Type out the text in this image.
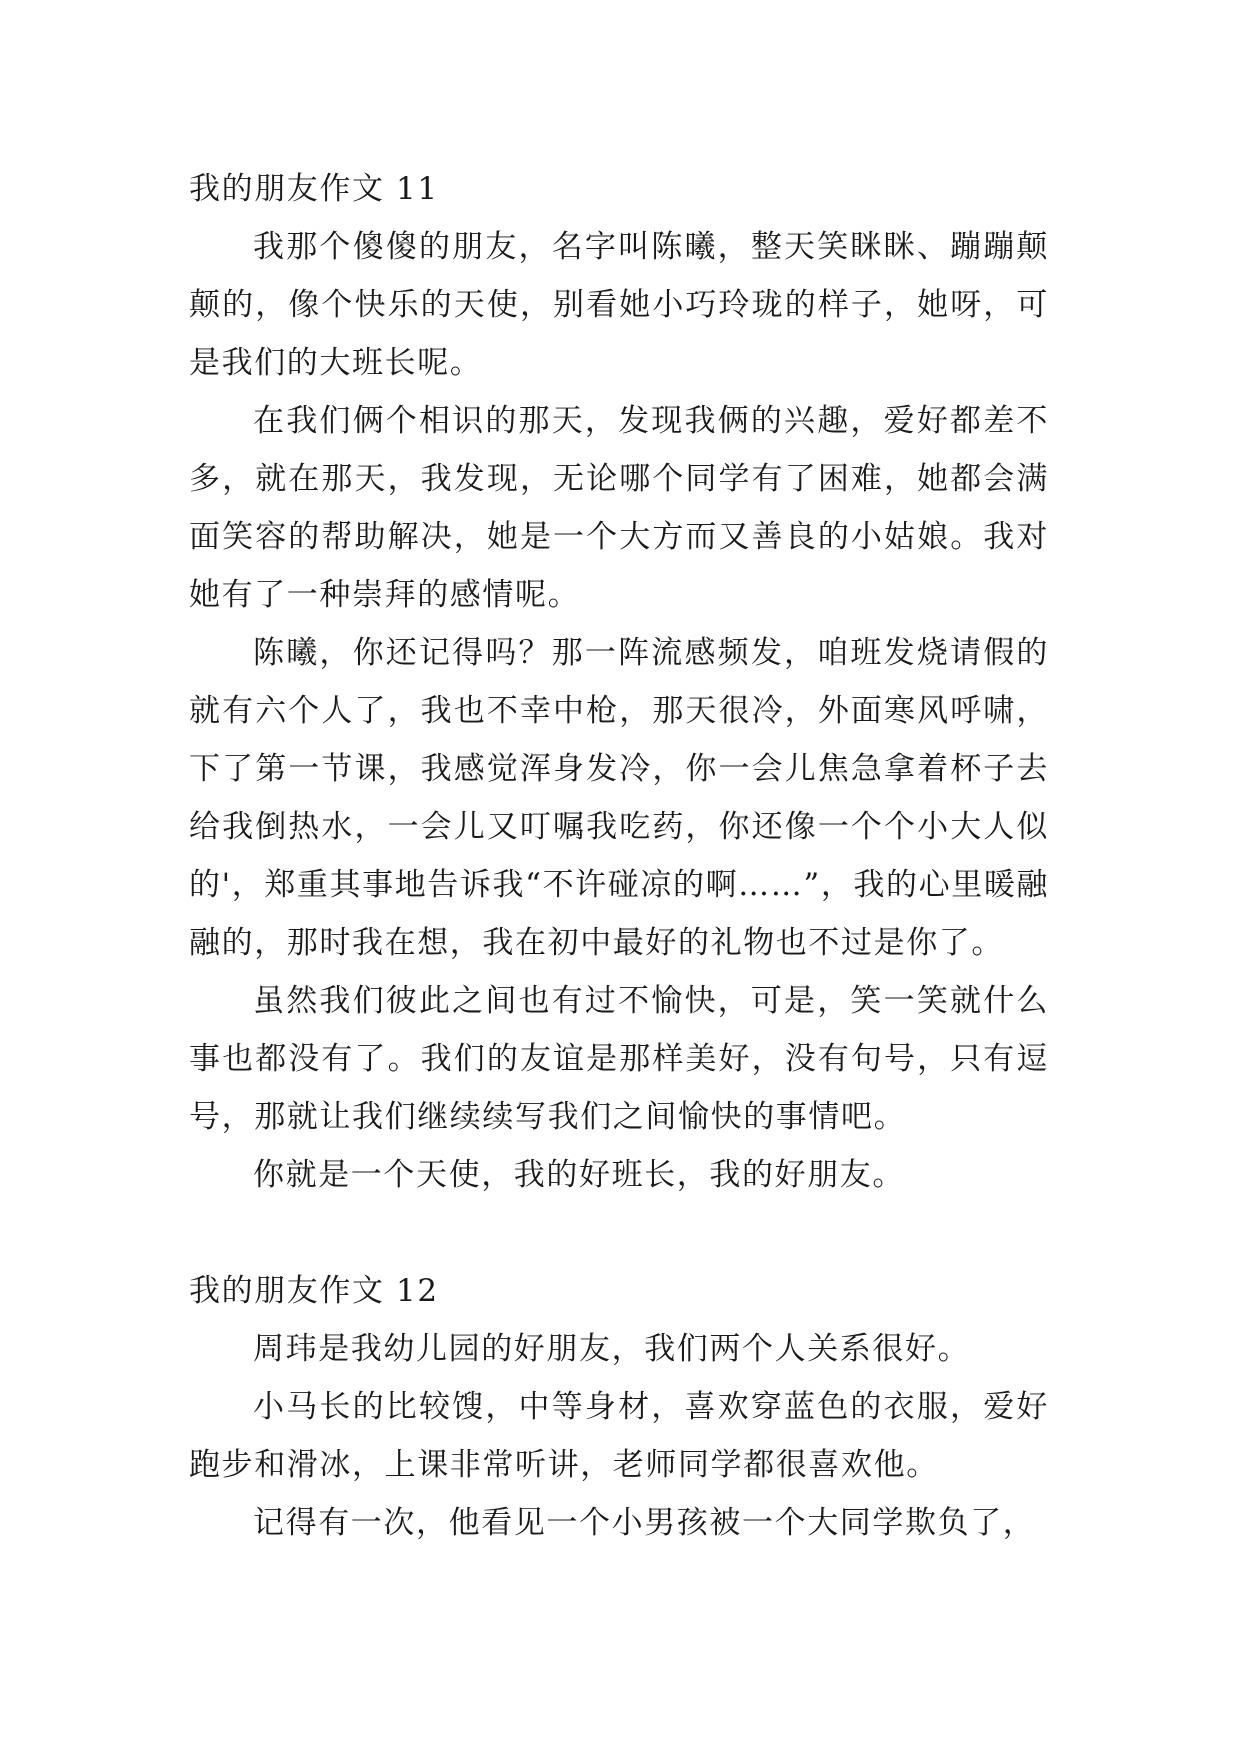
我的朋友作文 11

我那个傻傻的朋友，名字叫陈曦，整天笑眯眯、蹦蹦颠颠的，像个快乐的天使，别看她小巧玲珑的样子，她呀，可是我们的大班长呢。

在我们俩个相识的那天，发现我俩的兴趣，爱好都差不多，就在那天，我发现，无论哪个同学有了困难，她都会满面笑容的帮助解决，她是一个大方而又善良的小姑娘。我对她有了一种崇拜的感情呢。

陈曦，你还记得吗？那一阵流感频发，咱班发烧请假的就有六个人了，我也不幸中枪，那天很冷，外面寒风呼啸，下了第一节课，我感觉浑身发冷，你一会儿焦急拿着杯子去给我倒热水，一会儿又叮嘱我吃药，你还像一个个小大人似的'，郑重其事地告诉我“不许碰凉的啊……”，我的心里暖融融的，那时我在想，我在初中最好的礼物也不过是你了。

虽然我们彼此之间也有过不愉快，可是，笑一笑就什么事也都没有了。我们的友谊是那样美好，没有句号，只有逗号，那就让我们继续续写我们之间愉快的事情吧。

你就是一个天使，我的好班长，我的好朋友。

我的朋友作文 12

周玮是我幼儿园的好朋友，我们两个人关系很好。

小马长的比较馊，中等身材，喜欢穿蓝色的衣服，爱好跑步和滑冰，上课非常听讲，老师同学都很喜欢他。

记得有一次，他看见一个小男孩被一个大同学欺负了，
